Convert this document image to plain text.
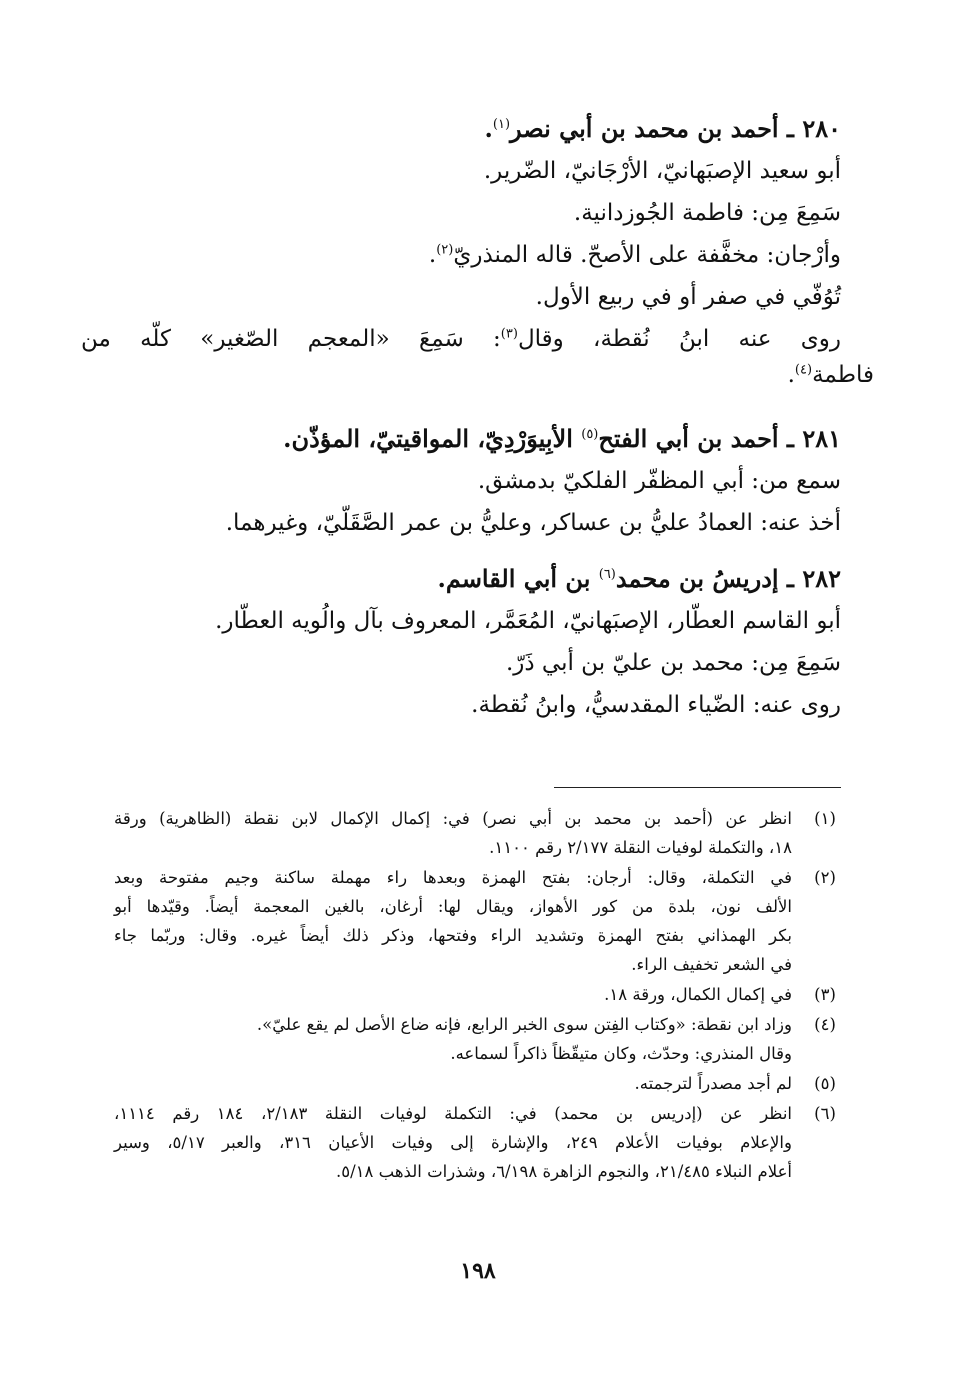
٢٨٠ ـ أحمد بن محمد بن أبي نصر$^{(١)}$.
أبو سعيد الإصبَهانيّ، الأرْجَانيّ، الضّرير.
سَمِعَ مِن: فاطمة الجُوزدانية.
وأرْجان: مخفَّفة على الأصحّ. قاله المنذريّ$^{(٢)}$.
تُوُفّي في صفر أو في ربيع الأول.
روى عنه ابنُ نُقطة، وقال$^{(٣)}$: سَمِعَ «المعجم الصّغير» كلّه من
فاطمة$^{(٤)}$.
٢٨١ ـ أحمد بن أبي الفتح$^{(٥)}$ الأبِيوَرْدِيّ، المواقيتيّ، المؤذّن.
سمع من: أبي المظفّر الفلكيّ بدمشق.
أخذ عنه: العمادُ عليُّ بن عساكر، وعليُّ بن عمر الصَّقَلّيّ، وغيرهما.
٢٨٢ ـ إدريسُ بن محمد$^{(٦)}$ بن أبي القاسم.
أبو القاسم العطّار، الإصبَهانيّ، المُعَمَّر، المعروف بآل والُويه العطّار.
سَمِعَ مِن: محمد بن عليّ بن أبي ذَرّ.
روى عنه: الضّياء المقدسيُّ، وابنُ نُقطة.
(١)
انظر عن (أحمد بن محمد بن أبي نصر) في: إكمال الإكمال لابن نقطة (الظاهرية) ورقة
١٨، والتكملة لوفيات النقلة ٢/١٧٧ رقم ١١٠٠.
(٢)
في التكملة، وقال: أرجان: بفتح الهمزة وبعدها راء مهملة ساكنة وجيم مفتوحة وبعد
الألف نون، بلدة من كور الأهواز، ويقال لها: أرغان، بالغين المعجمة أيضاً. وقيّدها أبو
بكر الهمذاني بفتح الهمزة وتشديد الراء وفتحها، وذكر ذلك أيضاً غيره. وقال: وربّما جاء
في الشعر تخفيف الراء.
(٣)
في إكمال الكمال، ورقة ١٨.
(٤)
وزاد ابن نقطة: «وكتاب الفِتن سوى الخبر الرابع، فإنه ضاع الأصل لم يقع عليّ».
وقال المنذري: وحدّث، وكان متيقّظاً ذاكراً لسماعه.
(٥)
لم أجد مصدراً لترجمته.
(٦)
انظر عن (إدريس بن محمد) في: التكملة لوفيات النقلة ٢/١٨٣، ١٨٤ رقم ١١١٤،
والإعلام بوفيات الأعلام ٢٤٩، والإشارة إلى وفيات الأعيان ٣١٦، والعبر ٥/١٧، وسير
أعلام النبلاء ٢١/٤٨٥، والنجوم الزاهرة ٦/١٩٨، وشذرات الذهب ٥/١٨.
١٩٨
